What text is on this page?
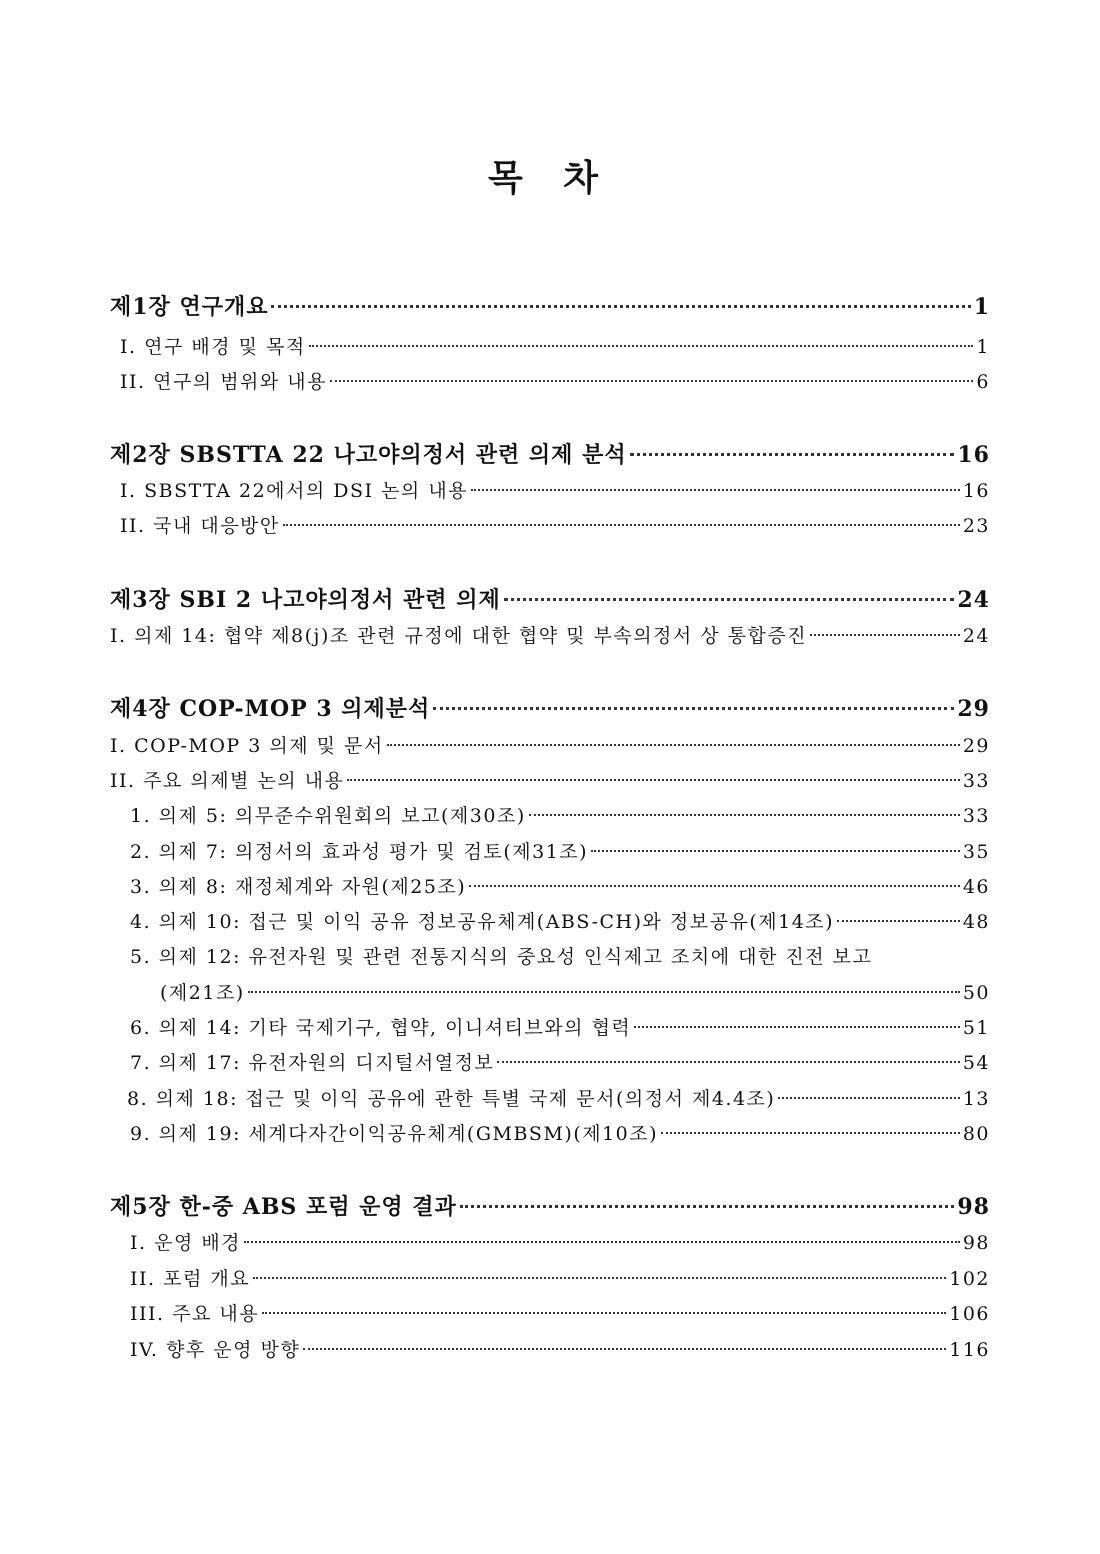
목 차
제1장 연구개요	1
I. 연구 배경 및 목적	1
II. 연구의 범위와 내용	6
제2장 SBSTTA 22 나고야의정서 관련 의제 분석	16
I. SBSTTA 22에서의 DSI 논의 내용	16
II. 국내 대응방안	23
제3장 SBI 2 나고야의정서 관련 의제	24
I. 의제 14: 협약 제8(j)조 관련 규정에 대한 협약 및 부속의정서 상 통합증진	24
제4장 COP-MOP 3 의제분석	29
I. COP-MOP 3 의제 및 문서	29
II. 주요 의제별 논의 내용	33
1. 의제 5: 의무준수위원회의 보고(제30조)	33
2. 의제 7: 의정서의 효과성 평가 및 검토(제31조)	35
3. 의제 8: 재정체계와 자원(제25조)	46
4. 의제 10: 접근 및 이익 공유 정보공유체계(ABS-CH)와 정보공유(제14조)	48
5. 의제 12: 유전자원 및 관련 전통지식의 중요성 인식제고 조치에 대한 진전 보고
(제21조)	50
6. 의제 14: 기타 국제기구, 협약, 이니셔티브와의 협력	51
7. 의제 17: 유전자원의 디지털서열정보	54
8. 의제 18: 접근 및 이익 공유에 관한 특별 국제 문서(의정서 제4.4조)	13
9. 의제 19: 세계다자간이익공유체계(GMBSM)(제10조)	80
제5장 한-중 ABS 포럼 운영 결과	98
I. 운영 배경	98
II. 포럼 개요	102
III. 주요 내용	106
IV. 향후 운영 방향	116
